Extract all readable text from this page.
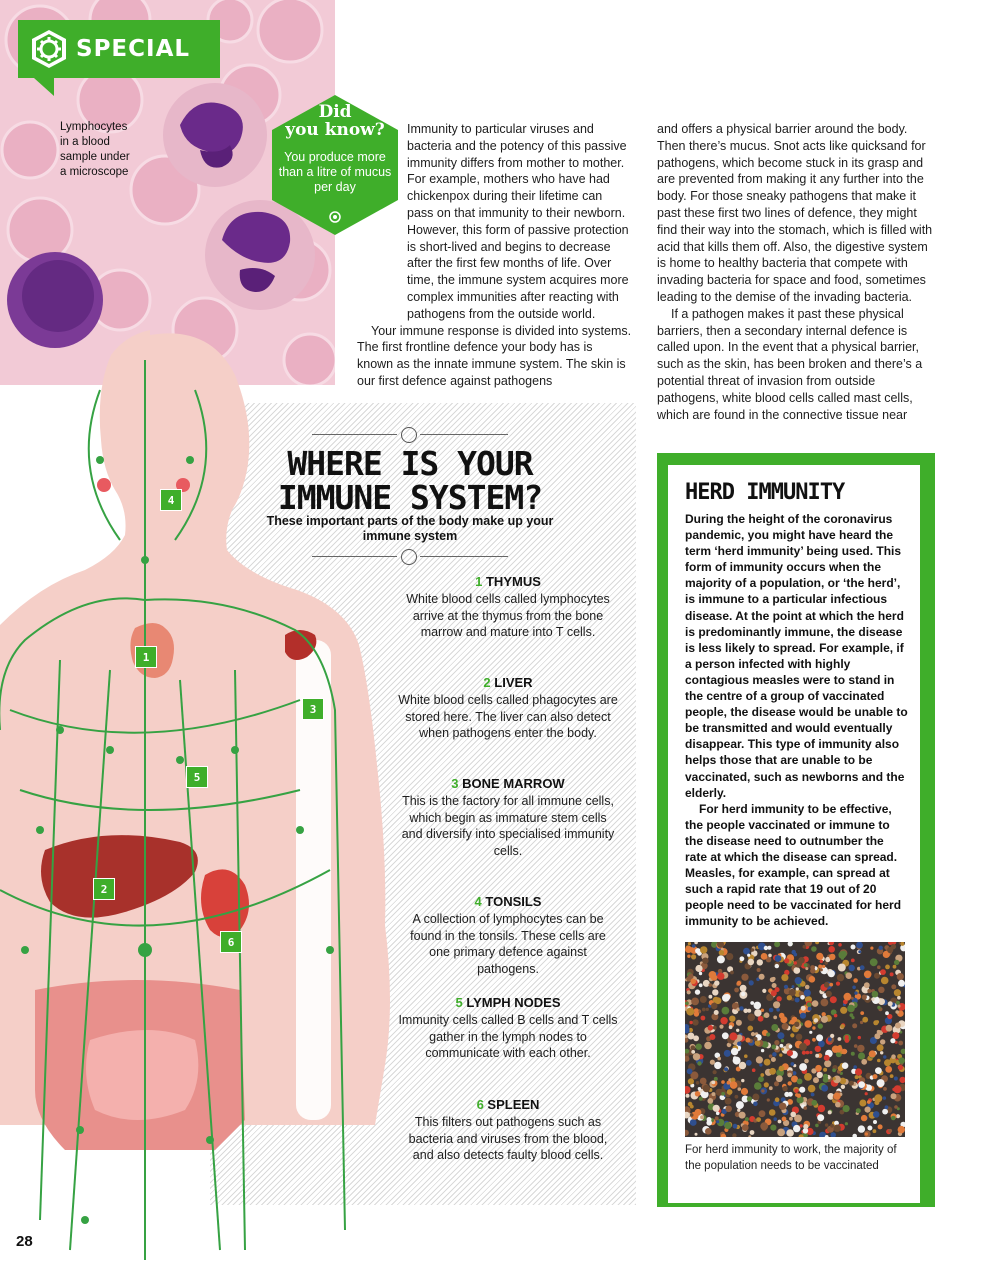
SPECIAL
Lymphocytes
in a blood
sample under
a microscope
Did
you know?
You produce more than a litre of mucus per day

Immunity to particular viruses and bacteria and the potency of this passive immunity differs from mother to mother. For example, mothers who have had chickenpox during their lifetime can pass on that immunity to their newborn. However, this form of passive protection is short-lived and begins to decrease after the first few months of life. Over time, the immune system acquires more complex immunities after reacting with pathogens from the outside world.

Your immune response is divided into systems. The first frontline defence your body has is known as the innate immune system. The skin is our first defence against pathogens

and offers a physical barrier around the body. Then there’s mucus. Snot acts like quicksand for pathogens, which become stuck in its grasp and are prevented from making it any further into the body. For those sneaky pathogens that make it past these first two lines of defence, they might find their way into the stomach, which is filled with acid that kills them off. Also, the digestive system is home to healthy bacteria that compete with invading bacteria for space and food, sometimes leading to the demise of the invading bacteria.

If a pathogen makes it past these physical barriers, then a secondary internal defence is called upon. In the event that a physical barrier, such as the skin, has been broken and there’s a potential threat of invasion from outside pathogens, white blood cells called mast cells, which are found in the connective tissue near

WHERE IS YOUR
IMMUNE SYSTEM?
These important parts of the body make up your immune system
1 THYMUS
White blood cells called lymphocytes arrive at the thymus from the bone marrow and mature into T cells.
2 LIVER
White blood cells called phagocytes are stored here. The liver can also detect when pathogens enter the body.
3 BONE MARROW
This is the factory for all immune cells, which begin as immature stem cells and diversify into specialised immunity cells.
4 TONSILS
A collection of lymphocytes can be found in the tonsils. These cells are one primary defence against pathogens.
5 LYMPH NODES
Immunity cells called B cells and T cells gather in the lymph nodes to communicate with each other.
6 SPLEEN
This filters out pathogens such as bacteria and viruses from the blood, and also detects faulty blood cells.
1
2
3
4
5
6
HERD IMMUNITY

During the height of the coronavirus pandemic, you might have heard the term ‘herd immunity’ being used. This form of immunity occurs when the majority of a population, or ‘the herd’, is immune to a particular infectious disease. At the point at which the herd is predominantly immune, the disease is less likely to spread. For example, if a person infected with highly contagious measles were to stand in the centre of a group of vaccinated people, the disease would be unable to be transmitted and would eventually disappear. This type of immunity also helps those that are unable to be vaccinated, such as newborns and the elderly.

For herd immunity to be effective, the people vaccinated or immune to the disease need to outnumber the rate at which the disease can spread. Measles, for example, can spread at such a rapid rate that 19 out of 20 people need to be vaccinated for herd immunity to be achieved.

For herd immunity to work, the majority of the population needs to be vaccinated
28
